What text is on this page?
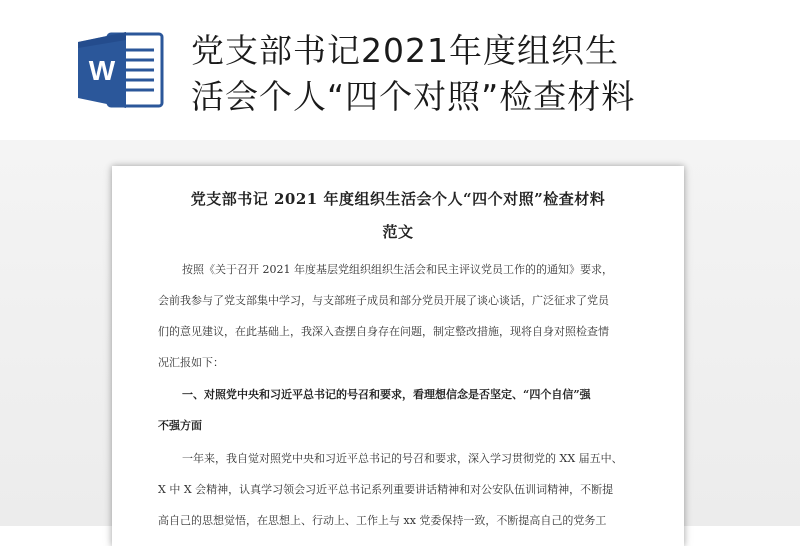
W
党支部书记2021年度组织生
活会个人“四个对照”检查材料
党支部书记 2021 年度组织生活会个人“四个对照”检查材料
范文
按照《关于召开 2021 年度基层党组织组织生活会和民主评议党员工作的的通知》要求，
会前我参与了党支部集中学习，与支部班子成员和部分党员开展了谈心谈话，广泛征求了党员
们的意见建议，在此基础上，我深入查摆自身存在问题，制定整改措施，现将自身对照检查情
况汇报如下：
一、对照党中央和习近平总书记的号召和要求，看理想信念是否坚定、“四个自信”强
不强方面
一年来，我自觉对照党中央和习近平总书记的号召和要求，深入学习贯彻党的 XX 届五中、
X 中 X 会精神，认真学习领会习近平总书记系列重要讲话精神和对公安队伍训词精神，不断提
高自己的思想觉悟，在思想上、行动上、工作上与 xx 党委保持一致，不断提高自己的党务工
